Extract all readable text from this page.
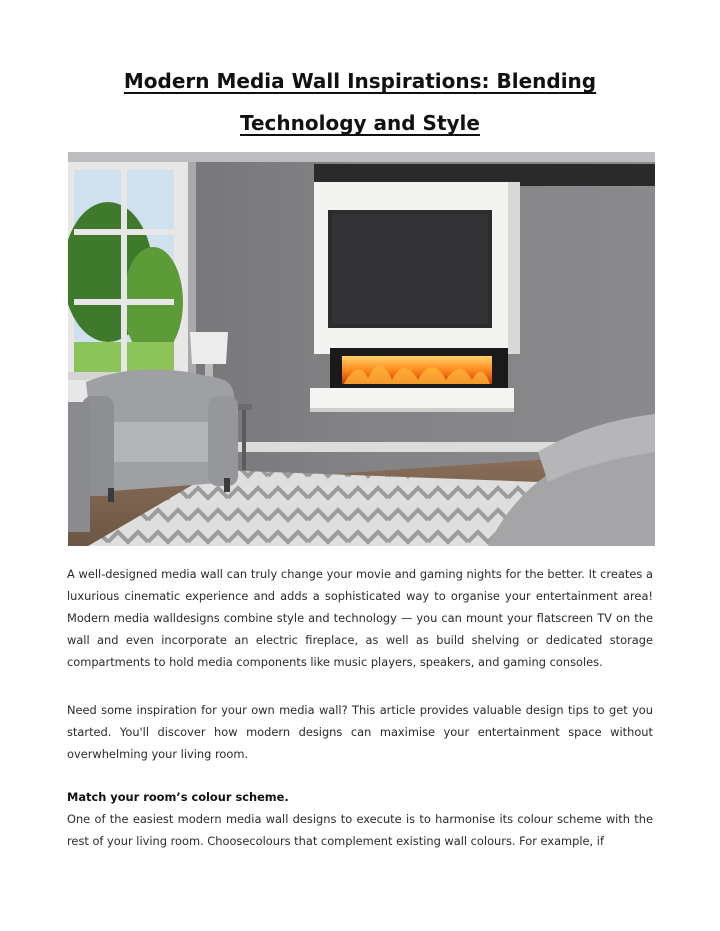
Modern Media Wall Inspirations: Blending
Technology and Style

A well-designed media wall can truly change your movie and gaming nights for the better. It creates a luxurious cinematic experience and adds a sophisticated way to organise your entertainment area! Modern media walldesigns combine style and technology — you can mount your flatscreen TV on the wall and even incorporate an electric fireplace, as well as build shelving or dedicated storage compartments to hold media components like music players, speakers, and gaming consoles.

Need some inspiration for your own media wall? This article provides valuable design tips to get you started. You'll discover how modern designs can maximise your entertainment space without overwhelming your living room.

Match your room’s colour scheme.

One of the easiest modern media wall designs to execute is to harmonise its colour scheme with the rest of your living room. Choosecolours that complement existing wall colours. For example, if
